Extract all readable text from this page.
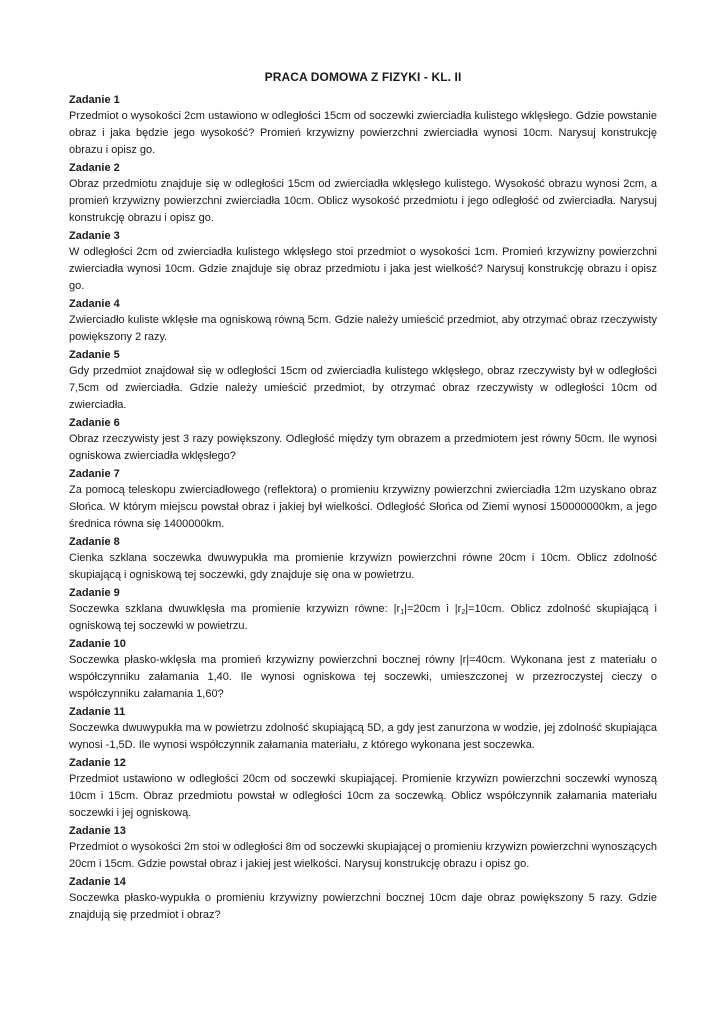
PRACA DOMOWA Z FIZYKI - KL. II
Zadanie 1
Przedmiot o wysokości 2cm ustawiono w odległości 15cm od soczewki zwierciadła kulistego wklęsłego. Gdzie powstanie obraz i jaka będzie jego wysokość? Promień krzywizny powierzchni zwierciadła wynosi 10cm. Narysuj konstrukcję obrazu i opisz go.
Zadanie 2
Obraz przedmiotu znajduje się w odległości 15cm od zwierciadła wklęsłego kulistego. Wysokość obrazu wynosi 2cm, a promień krzywizny powierzchni zwierciadła 10cm. Oblicz wysokość przedmiotu i jego odległość od zwierciadła. Narysuj konstrukcję obrazu i opisz go.
Zadanie 3
W odległości 2cm od zwierciadła kulistego wklęsłego stoi przedmiot o wysokości 1cm. Promień krzywizny powierzchni zwierciadła wynosi 10cm. Gdzie znajduje się obraz przedmiotu i jaka jest wielkość? Narysuj konstrukcję obrazu i opisz go.
Zadanie 4
Zwierciadło kuliste wklęsłe ma ogniskową równą 5cm. Gdzie należy umieścić przedmiot, aby otrzymać obraz rzeczywisty powiększony 2 razy.
Zadanie 5
Gdy przedmiot znajdował się w odległości 15cm od zwierciadła kulistego wklęsłego, obraz rzeczywisty był w odległości 7,5cm od zwierciadła. Gdzie należy umieścić przedmiot, by otrzymać obraz rzeczywisty w odległości 10cm od zwierciadła.
Zadanie 6
Obraz rzeczywisty jest 3 razy powiększony. Odległość między tym obrazem a przedmiotem jest równy 50cm. Ile wynosi ogniskowa zwierciadła wklęsłego?
Zadanie 7
Za pomocą teleskopu zwierciadłowego (reflektora) o promieniu krzywizny powierzchni zwierciadła 12m uzyskano obraz Słońca. W którym miejscu powstał obraz i jakiej był wielkości. Odległość Słońca od Ziemi wynosi 150000000km, a jego średnica równa się 1400000km.
Zadanie 8
Cienka szklana soczewka dwuwypukła ma promienie krzywizn powierzchni równe 20cm i 10cm. Oblicz zdolność skupiającą i ogniskową tej soczewki, gdy znajduje się ona w powietrzu.
Zadanie 9
Soczewka szklana dwuwklęsła ma promienie krzywizn równe: $|r_1|=20cm$ i $|r_2|=10cm$. Oblicz zdolność skupiającą i ogniskową tej soczewki w powietrzu.
Zadanie 10
Soczewka płasko-wklęsła ma promień krzywizny powierzchni bocznej równy |r|=40cm. Wykonana jest z materiału o współczynniku załamania 1,40. Ile wynosi ogniskowa tej soczewki, umieszczonej w przezroczystej cieczy o współczynniku załamania 1,60?
Zadanie 11
Soczewka dwuwypukła ma w powietrzu zdolność skupiającą 5D, a gdy jest zanurzona w wodzie, jej zdolność skupiająca wynosi -1,5D. Ile wynosi współczynnik załamania materiału, z którego wykonana jest soczewka.
Zadanie 12
Przedmiot ustawiono w odległości 20cm od soczewki skupiającej. Promienie krzywizn powierzchni soczewki wynoszą 10cm i 15cm. Obraz przedmiotu powstał w odległości 10cm za soczewką. Oblicz współczynnik załamania materiału soczewki i jej ogniskową.
Zadanie 13
Przedmiot o wysokości 2m stoi w odległości 8m od soczewki skupiającej o promieniu krzywizn powierzchni wynoszących 20cm i 15cm. Gdzie powstał obraz i jakiej jest wielkości. Narysuj konstrukcję obrazu i opisz go.
Zadanie 14
Soczewka płasko-wypukła o promieniu krzywizny powierzchni bocznej 10cm daje obraz powiększony 5 razy. Gdzie znajdują się przedmiot i obraz?
